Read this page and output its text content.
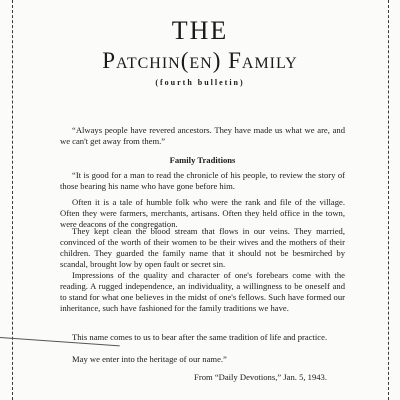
THE
Patchin(en) Family
(fourth bulletin)

“Always people have revered ancestors. They have made us what we are, and we can't get away from them.”

Family Traditions

“It is good for a man to read the chronicle of his people, to review the story of those bearing his name who have gone before him.

Often it is a tale of humble folk who were the rank and file of the village. Often they were farmers, merchants, artisans. Often they held office in the town, were deacons of the congregation.

They kept clean the blood stream that flows in our veins. They married, convinced of the worth of their women to be their wives and the mothers of their children. They guarded the family name that it should not be besmirched by scandal, brought low by open fault or secret sin.

Impressions of the quality and character of one's forebears come with the reading. A rugged independence, an individuality, a willingness to be oneself and to stand for what one believes in the midst of one's fellows. Such have formed our inheritance, such have fashioned for the family traditions we have.

This name comes to us to bear after the same tradition of life and practice.

May we enter into the heritage of our name.”

From “Daily Devotions,” Jan. 5, 1943.
